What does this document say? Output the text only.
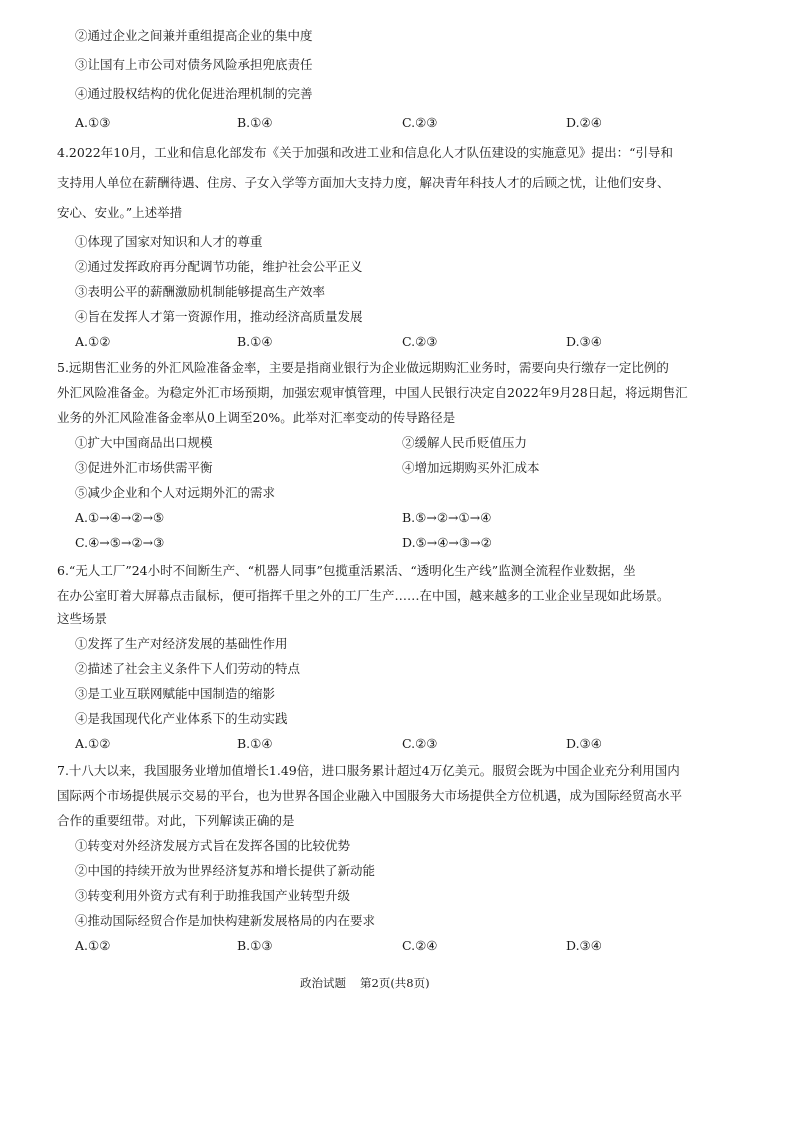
②通过企业之间兼并重组提高企业的集中度
③让国有上市公司对债务风险承担兜底责任
④通过股权结构的优化促进治理机制的完善
A.①③	B.①④	C.②③	D.②④
4.2022年10月，工业和信息化部发布《关于加强和改进工业和信息化人才队伍建设的实施意见》提出：“引导和
支持用人单位在薪酬待遇、住房、子女入学等方面加大支持力度，解决青年科技人才的后顾之忧，让他们安身、
安心、安业。”上述举措
①体现了国家对知识和人才的尊重
②通过发挥政府再分配调节功能，维护社会公平正义
③表明公平的薪酬激励机制能够提高生产效率
④旨在发挥人才第一资源作用，推动经济高质量发展
A.①②	B.①④	C.②③	D.③④
5.远期售汇业务的外汇风险准备金率，主要是指商业银行为企业做远期购汇业务时，需要向央行缴存一定比例的
外汇风险准备金。为稳定外汇市场预期，加强宏观审慎管理，中国人民银行决定自2022年9月28日起，将远期售汇
业务的外汇风险准备金率从0上调至20%。此举对汇率变动的传导路径是
①扩大中国商品出口规模	②缓解人民币贬值压力
③促进外汇市场供需平衡	④增加远期购买外汇成本
⑤减少企业和个人对远期外汇的需求
A.①→④→②→⑤	B.⑤→②→①→④
C.④→⑤→②→③	D.⑤→④→③→②
6.“无人工厂”24小时不间断生产、“机器人同事”包揽重活累活、“透明化生产线”监测全流程作业数据，坐
在办公室盯着大屏幕点击鼠标，便可指挥千里之外的工厂生产……在中国，越来越多的工业企业呈现如此场景。
这些场景
①发挥了生产对经济发展的基础性作用
②描述了社会主义条件下人们劳动的特点
③是工业互联网赋能中国制造的缩影
④是我国现代化产业体系下的生动实践
A.①②	B.①④	C.②③	D.③④
7.十八大以来，我国服务业增加值增长1.49倍，进口服务累计超过4万亿美元。服贸会既为中国企业充分利用国内
国际两个市场提供展示交易的平台，也为世界各国企业融入中国服务大市场提供全方位机遇，成为国际经贸高水平
合作的重要纽带。对此，下列解读正确的是
①转变对外经济发展方式旨在发挥各国的比较优势
②中国的持续开放为世界经济复苏和增长提供了新动能
③转变利用外资方式有利于助推我国产业转型升级
④推动国际经贸合作是加快构建新发展格局的内在要求
A.①②	B.①③	C.②④	D.③④
政治试题 第2页(共8页)
